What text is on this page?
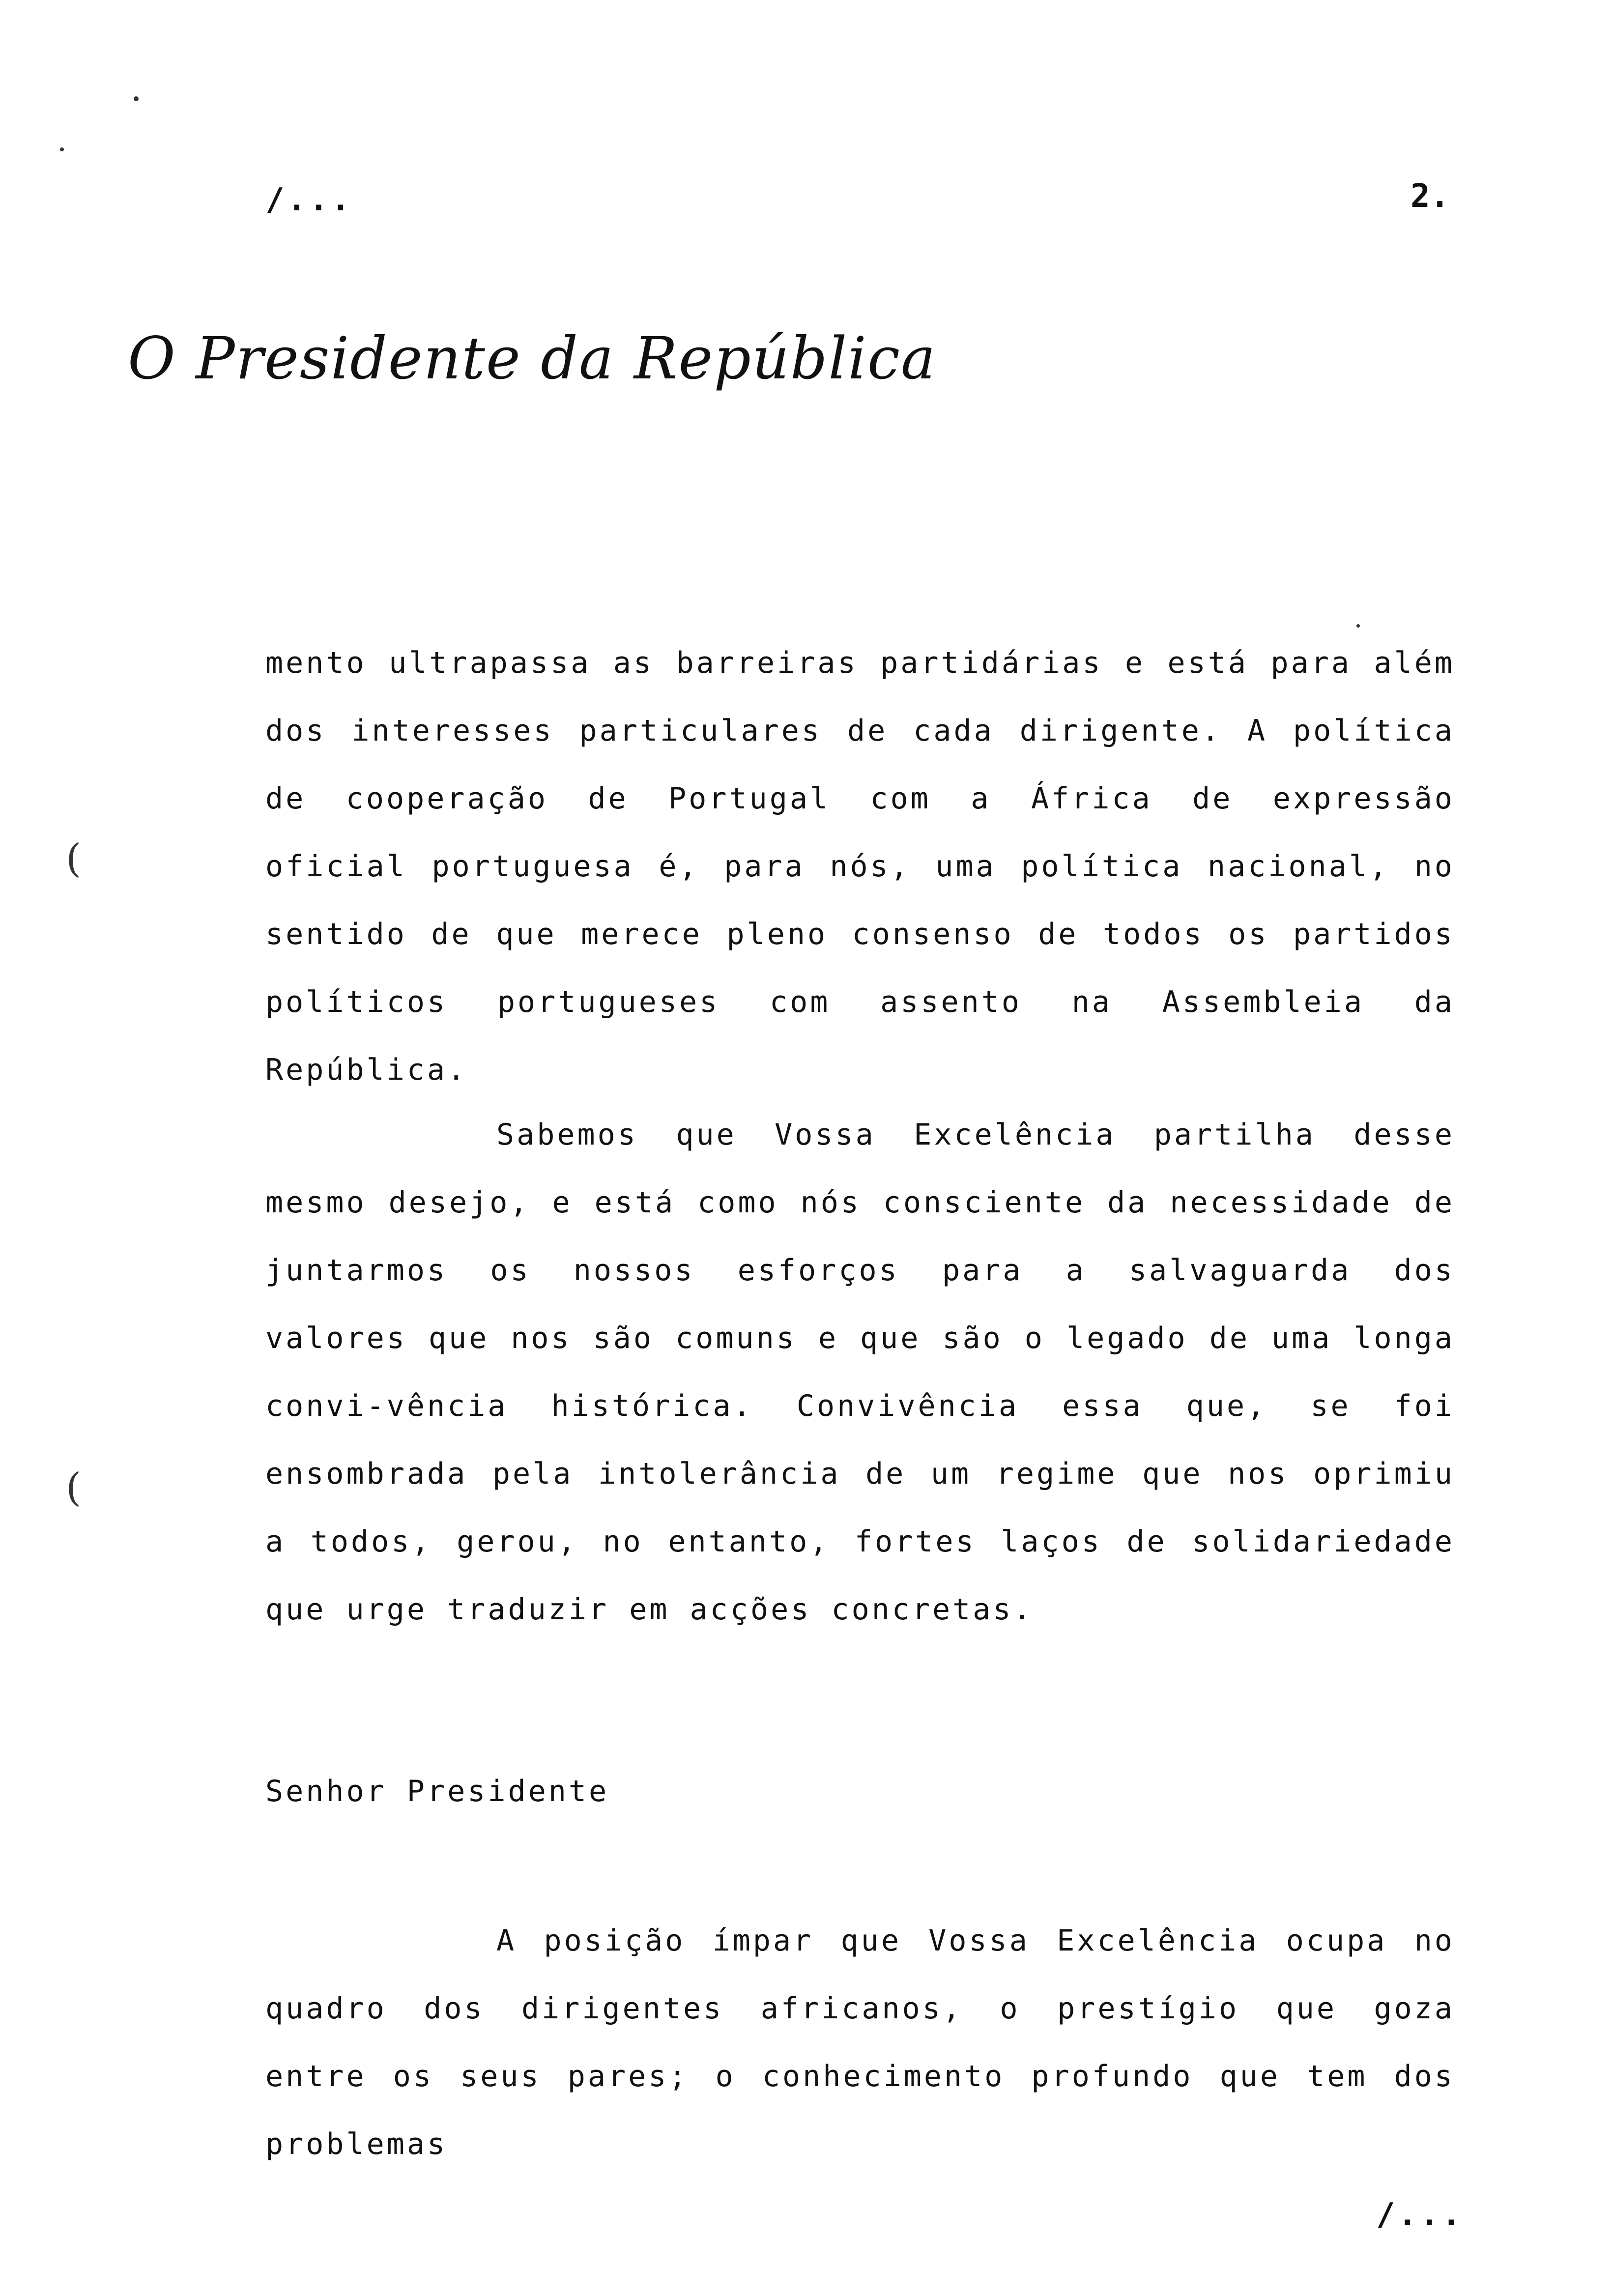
/...	2.
O Presidente da República
(
(

mento ultrapassa as barreiras partidárias e está para além dos interesses particulares de cada dirigente. A política de cooperação de Portugal com a África de expressão oficial portuguesa é, para nós, uma política nacional, no sentido de que merece pleno consenso de todos os partidos políticos portugueses com assento na Assembleia da República.

Sabemos que Vossa Excelência partilha desse mesmo desejo, e está como nós consciente da necessidade de juntarmos os nossos esforços para a salvaguarda dos valores que nos são comuns e que são o legado de uma longa convi-vência histórica. Convivência essa que, se foi ensombrada pela intolerância de um regime que nos oprimiu a todos, gerou, no entanto, fortes laços de solidariedade que urge traduzir em acções concretas.

Senhor Presidente

A posição ímpar que Vossa Excelência ocupa no quadro dos dirigentes africanos, o prestígio que goza entre os seus pares; o conhecimento profundo que tem dos problemas

/...
